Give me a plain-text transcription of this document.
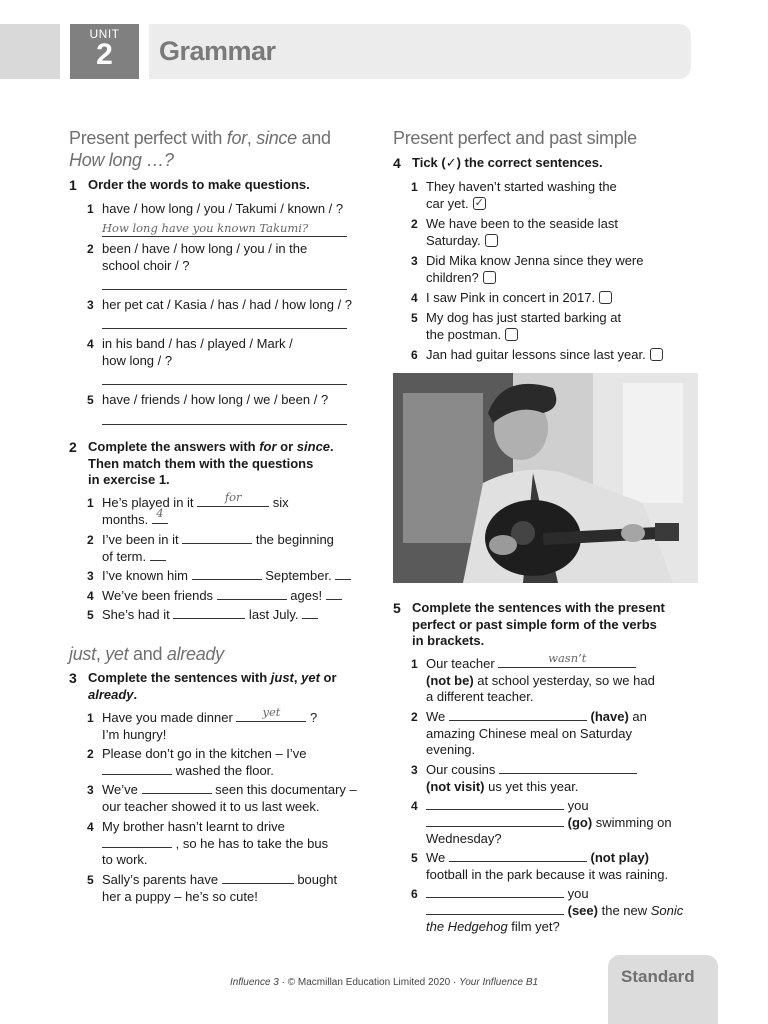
UNIT
2	Grammar
Present perfect with for, since and
How long …?
1 Order the words to make questions.
1 have / how long / you / Takumi / known / ?
How long have you known Takumi?
2 been / have / how long / you / in the
school choir / ?
3 her pet cat / Kasia / has / had / how long / ?
4 in his band / has / played / Mark /
how long / ?
5 have / friends / how long / we / been / ?
2 Complete the answers with for or since.
Then match them with the questions
in exercise 1.
1 He’s played in it	for	six
months. 4
2 I’ve been in it	the beginning
of term.
3 I’ve known him	September.
4 We’ve been friends	ages!
5 She’s had it	last July.
just, yet and already
3 Complete the sentences with just, yet or
already.
1 Have you made dinner	yet	?
I’m hungry!
2 Please don’t go in the kitchen – I’ve
washed the floor.
3 We’ve	seen this documentary –
our teacher showed it to us last week.
4 My brother hasn’t learnt to drive
, so he has to take the bus
to work.
5 Sally’s parents have	bought
her a puppy – he’s so cute!
Present perfect and past simple
4 Tick (✓) the correct sentences.
1 They haven’t started washing the
car yet. ✓
2 We have been to the seaside last
Saturday.
3 Did Mika know Jenna since they were
children?
4 I saw Pink in concert in 2017.
5 My dog has just started barking at
the postman.
6 Jan had guitar lessons since last year.
5 Complete the sentences with the present
perfect or past simple form of the verbs
in brackets.
1 Our teacher	wasn’t

(not be) at school yesterday, so we had
a different teacher.
2 We	(have) an
amazing Chinese meal on Saturday
evening.
3 Our cousins
(not visit) us yet this year.
4	you
(go) swimming on
Wednesday?
5 We	(not play)
football in the park because it was raining.
6	you
(see) the new Sonic
the Hedgehog film yet?
Influence 3 · © Macmillan Education Limited 2020 · Your Influence B1	Standard
